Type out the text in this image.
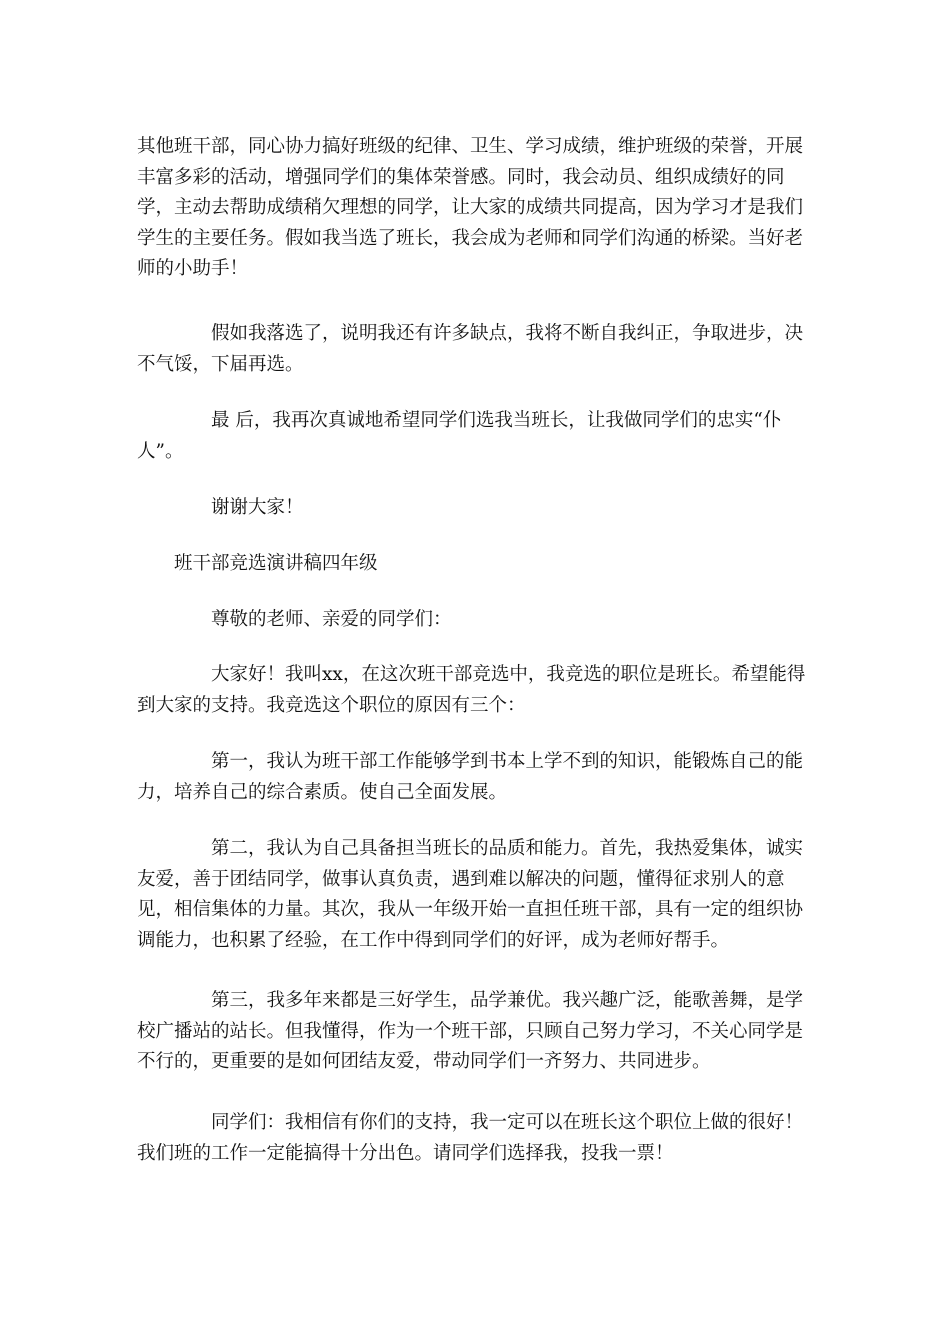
其他班干部，同心协力搞好班级的纪律、卫生、学习成绩，维护班级的荣誉，开展丰富多彩的活动，增强同学们的集体荣誉感。同时，我会动员、组织成绩好的同学，主动去帮助成绩稍欠理想的同学，让大家的成绩共同提高，因为学习才是我们学生的主要任务。假如我当选了班长，我会成为老师和同学们沟通的桥梁。当好老师的小助手！

　　　　假如我落选了，说明我还有许多缺点，我将不断自我纠正，争取进步，决不气馁，下届再选。

　　　　最 后，我再次真诚地希望同学们选我当班长，让我做同学们的忠实“仆人”。

　　　　谢谢大家！

　　班干部竞选演讲稿四年级

　　　　尊敬的老师、亲爱的同学们：

　　　　大家好！我叫xx，在这次班干部竞选中，我竞选的职位是班长。希望能得到大家的支持。我竞选这个职位的原因有三个：

　　　　第一，我认为班干部工作能够学到书本上学不到的知识，能锻炼自己的能力，培养自己的综合素质。使自己全面发展。

　　　　第二，我认为自己具备担当班长的品质和能力。首先，我热爱集体，诚实友爱，善于团结同学，做事认真负责，遇到难以解决的问题，懂得征求别人的意见，相信集体的力量。其次，我从一年级开始一直担任班干部，具有一定的组织协调能力，也积累了经验，在工作中得到同学们的好评，成为老师好帮手。

　　　　第三，我多年来都是三好学生，品学兼优。我兴趣广泛，能歌善舞，是学校广播站的站长。但我懂得，作为一个班干部，只顾自己努力学习，不关心同学是不行的，更重要的是如何团结友爱，带动同学们一齐努力、共同进步。

　　　　同学们：我相信有你们的支持，我一定可以在班长这个职位上做的很好！我们班的工作一定能搞得十分出色。请同学们选择我，投我一票！
